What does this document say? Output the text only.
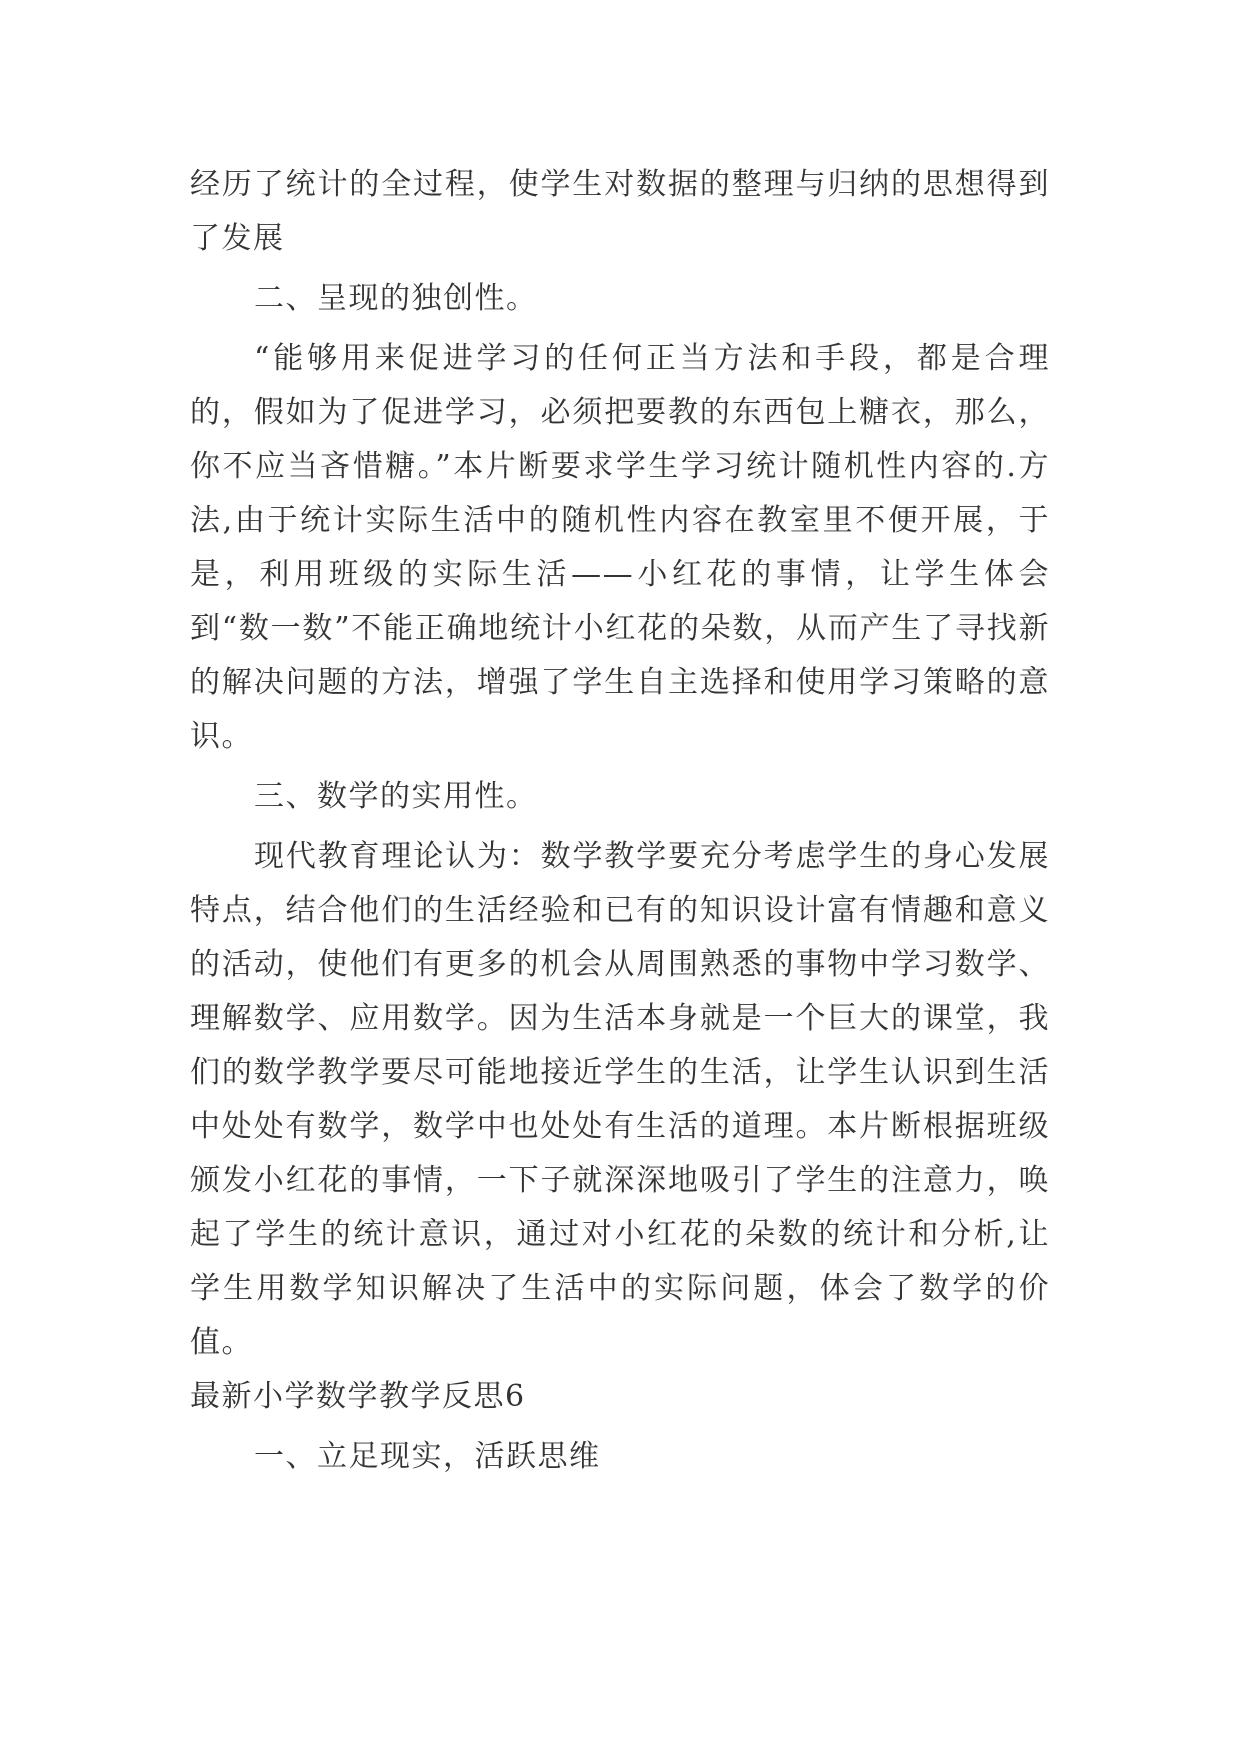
经历了统计的全过程，使学生对数据的整理与归纳的思想得到了发展

二、呈现的独创性。

“能够用来促进学习的任何正当方法和手段，都是合理的，假如为了促进学习，必须把要教的东西包上糖衣，那么，你不应当吝惜糖。”本片断要求学生学习统计随机性内容的.方法,由于统计实际生活中的随机性内容在教室里不便开展，于是，利用班级的实际生活——小红花的事情，让学生体会到“数一数”不能正确地统计小红花的朵数，从而产生了寻找新的解决问题的方法，增强了学生自主选择和使用学习策略的意识。

三、数学的实用性。

现代教育理论认为：数学教学要充分考虑学生的身心发展特点，结合他们的生活经验和已有的知识设计富有情趣和意义的活动，使他们有更多的机会从周围熟悉的事物中学习数学、理解数学、应用数学。因为生活本身就是一个巨大的课堂，我们的数学教学要尽可能地接近学生的生活，让学生认识到生活中处处有数学，数学中也处处有生活的道理。本片断根据班级颁发小红花的事情，一下子就深深地吸引了学生的注意力，唤起了学生的统计意识，通过对小红花的朵数的统计和分析,让学生用数学知识解决了生活中的实际问题，体会了数学的价值。

最新小学数学教学反思6

一、立足现实，活跃思维
